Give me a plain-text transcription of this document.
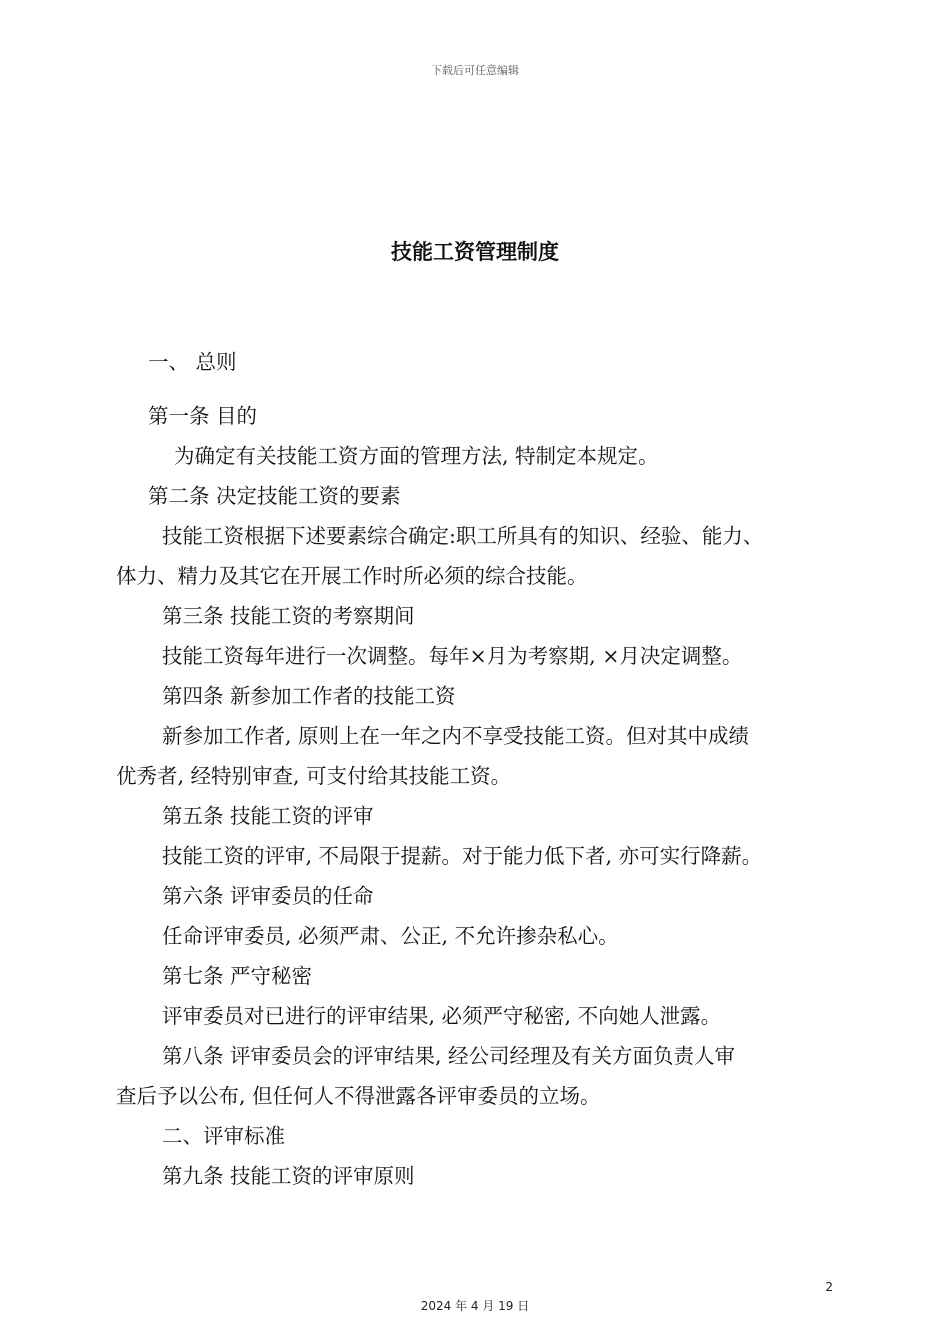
下载后可任意编辑
技能工资管理制度
一、 总则
第一条 目的
为确定有关技能工资方面的管理方法, 特制定本规定。
第二条 决定技能工资的要素
技能工资根据下述要素综合确定:职工所具有的知识、经验、能力、
体力、精力及其它在开展工作时所必须的综合技能。
第三条 技能工资的考察期间
技能工资每年进行一次调整。每年×月为考察期, ×月决定调整。
第四条 新参加工作者的技能工资
新参加工作者, 原则上在一年之内不享受技能工资。但对其中成绩
优秀者, 经特别审查, 可支付给其技能工资。
第五条 技能工资的评审
技能工资的评审, 不局限于提薪。对于能力低下者, 亦可实行降薪。
第六条 评审委员的任命
任命评审委员, 必须严肃、公正, 不允许掺杂私心。
第七条 严守秘密
评审委员对已进行的评审结果, 必须严守秘密, 不向她人泄露。
第八条 评审委员会的评审结果, 经公司经理及有关方面负责人审
查后予以公布, 但任何人不得泄露各评审委员的立场。
二、评审标准
第九条 技能工资的评审原则
2
2024 年 4 月 19 日
